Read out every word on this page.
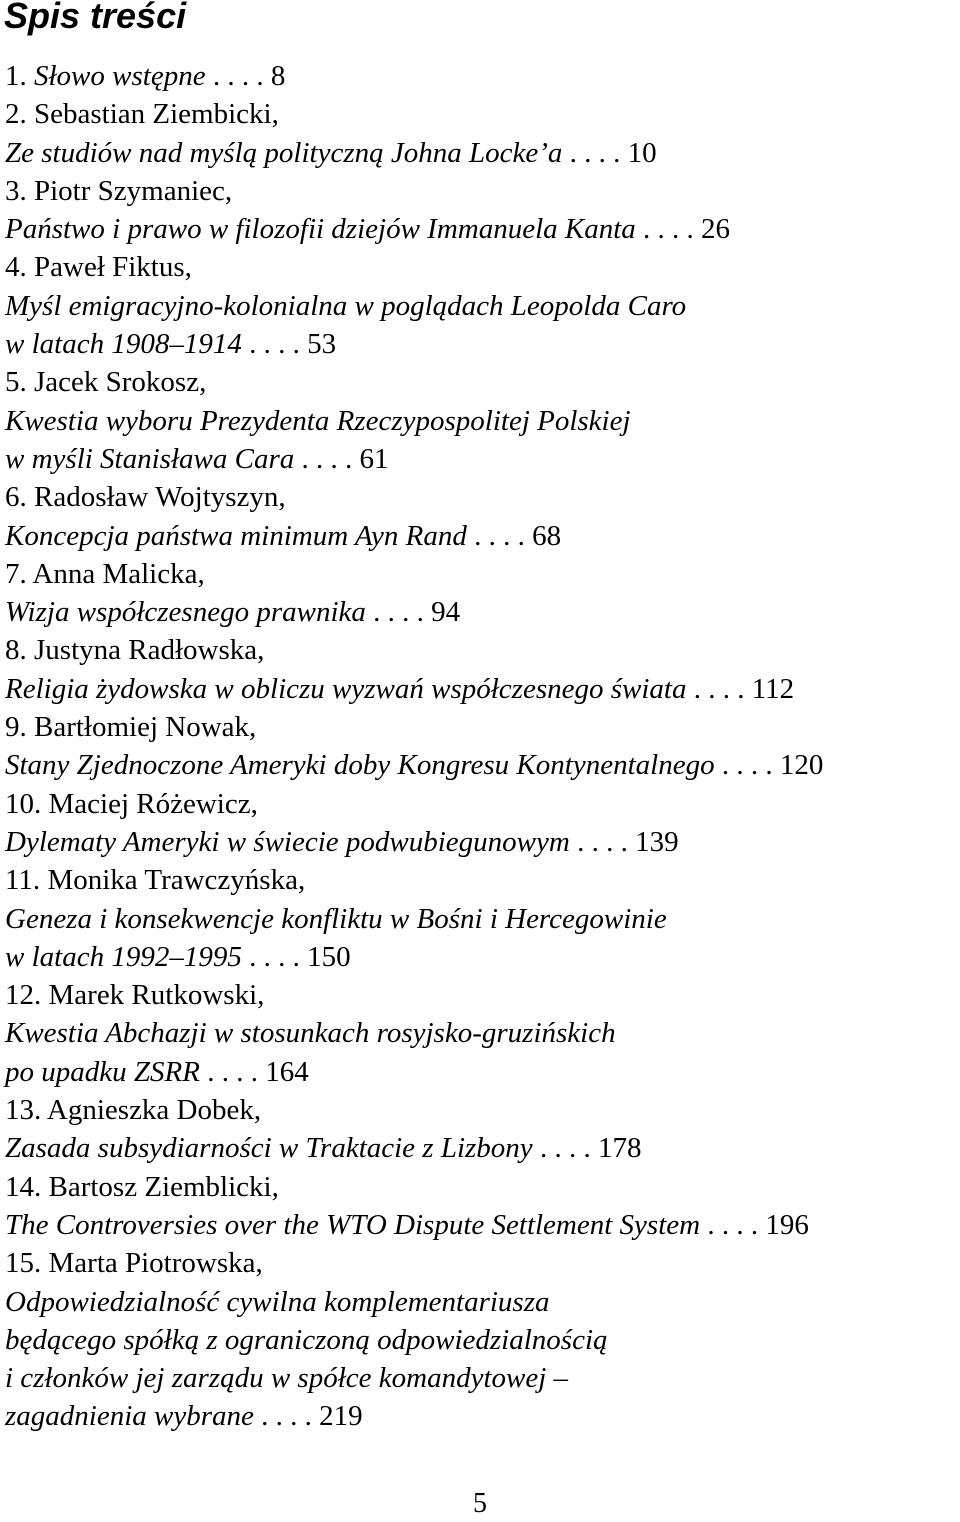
Spis treści
1. Słowo wstępne . . . . 8
2. Sebastian Ziembicki,
Ze studiów nad myślą polityczną Johna Locke’a . . . . 10
3. Piotr Szymaniec,
Państwo i prawo w filozofii dziejów Immanuela Kanta . . . . 26
4. Paweł Fiktus,
Myśl emigracyjno-kolonialna w poglądach Leopolda Caro
w latach 1908–1914 . . . . 53
5. Jacek Srokosz,
Kwestia wyboru Prezydenta Rzeczypospolitej Polskiej
w myśli Stanisława Cara . . . . 61
6. Radosław Wojtyszyn,
Koncepcja państwa minimum Ayn Rand . . . . 68
7. Anna Malicka,
Wizja współczesnego prawnika . . . . 94
8. Justyna Radłowska,
Religia żydowska w obliczu wyzwań współczesnego świata . . . . 112
9. Bartłomiej Nowak,
Stany Zjednoczone Ameryki doby Kongresu Kontynentalnego . . . . 120
10. Maciej Różewicz,
Dylematy Ameryki w świecie podwubiegunowym . . . . 139
11. Monika Trawczyńska,
Geneza i konsekwencje konfliktu w Bośni i Hercegowinie
w latach 1992–1995 . . . . 150
12. Marek Rutkowski,
Kwestia Abchazji w stosunkach rosyjsko-gruzińskich
po upadku ZSRR . . . . 164
13. Agnieszka Dobek,
Zasada subsydiarności w Traktacie z Lizbony . . . . 178
14. Bartosz Ziemblicki,
The Controversies over the WTO Dispute Settlement System . . . . 196
15. Marta Piotrowska,
Odpowiedzialność cywilna komplementariusza
będącego spółką z ograniczoną odpowiedzialnością
i członków jej zarządu w spółce komandytowej –
zagadnienia wybrane . . . . 219
5
